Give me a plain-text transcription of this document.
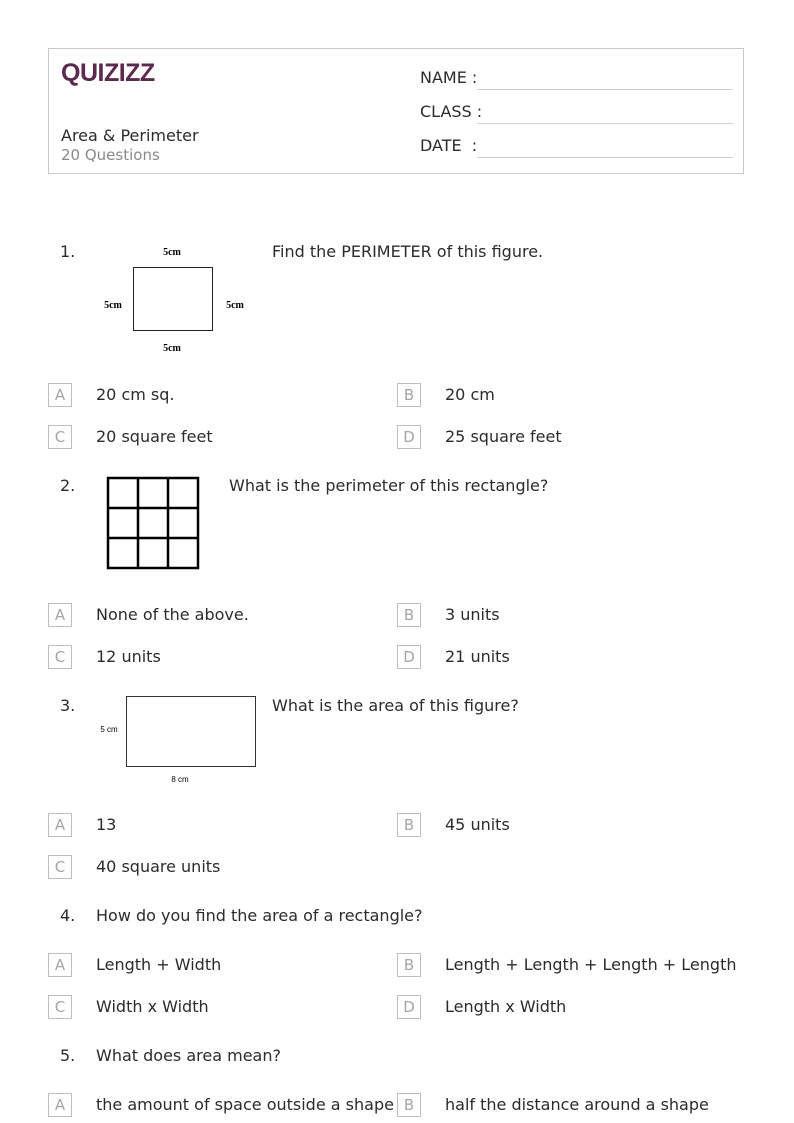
QUIZIZZ
Area & Perimeter
20 Questions
NAME :
CLASS :
DATE  :
1.	5cm
5cm	5cm
5cm
Find the PERIMETER of this figure.
A	20 cm sq.	B	20 cm
C	20 square feet	D	25 square feet
2.	What is the perimeter of this rectangle?
A	None of the above.	B	3 units
C	12 units	D	21 units
3.
5 cm
8 cm
What is the area of this figure?
A	13	B	45 units
C	40 square units
4. How do you find the area of a rectangle?
A	Length + Width	B	Length + Length + Length + Length
C	Width x Width	D	Length x Width
5. What does area mean?
A	the amount of space outside a shape B	half the distance around a shape
